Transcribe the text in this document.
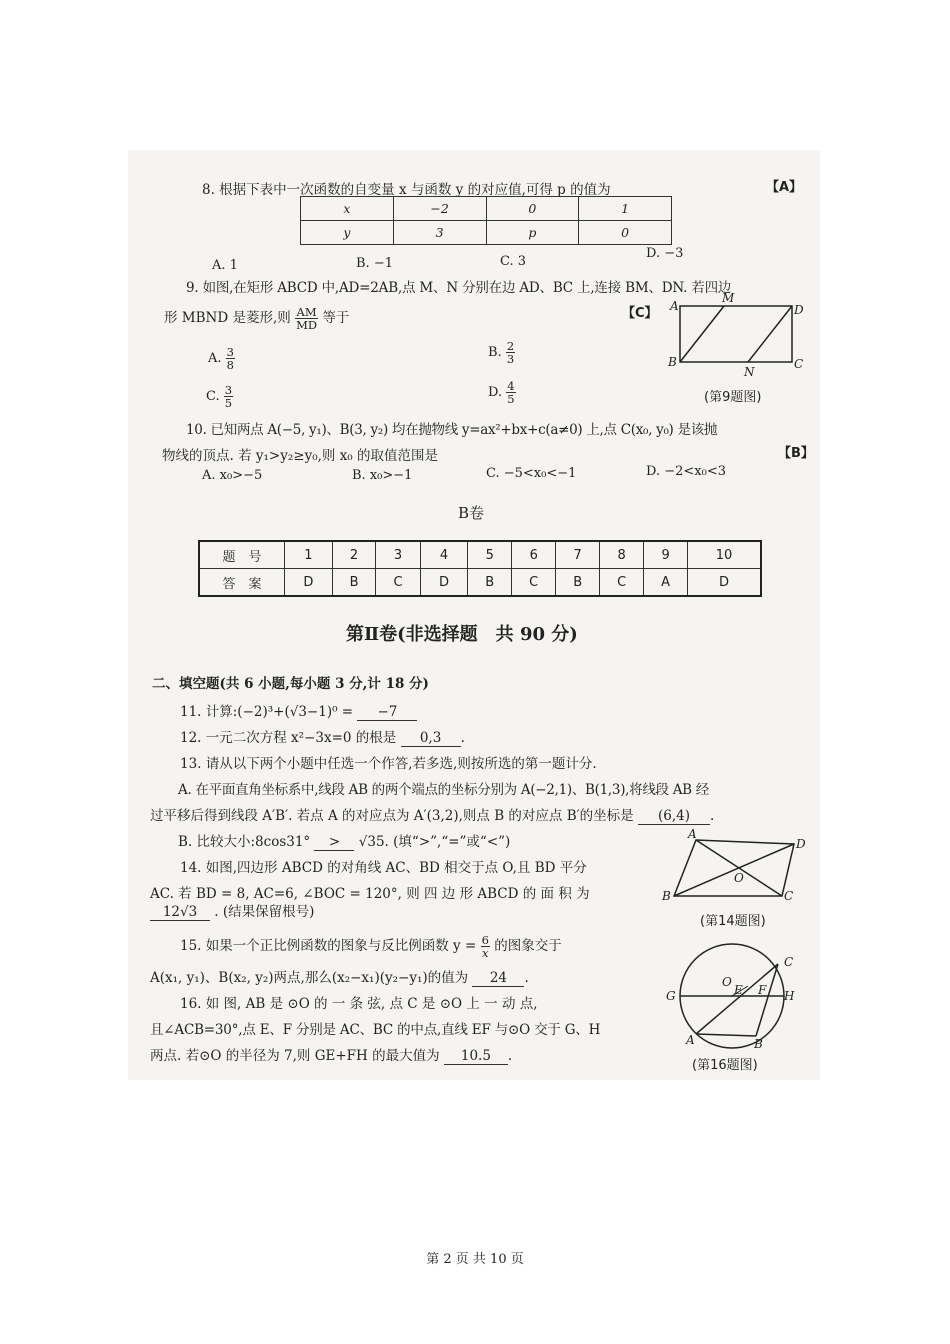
8. 根据下表中一次函数的自变量 x 与函数 y 的对应值,可得 p 的值为	【A】
x	−2	0	1
y	3	p	0
A. 1	B. −1	C. 3
D. −3
9. 如图,在矩形 ABCD 中,AD=2AB,点 M、N 分别在边 AD、BC 上,连接 BM、DN. 若四边
形 MBND 是菱形,则 $\frac{AM}{MD}$ 等于	【C】
A. $\frac{3}{8}$	B. $\frac{2}{3}$
C. $\frac{3}{5}$	D. $\frac{4}{5}$
A
M
D
B
N
C
(第9题图)
10. 已知两点 A(−5, y₁)、B(3, y₂) 均在抛物线 y=ax²+bx+c(a≠0) 上,点 C(x₀, y₀) 是该抛
物线的顶点. 若 y₁>y₂≥y₀,则 x₀ 的取值范围是	【B】
A. x₀>−5	B. x₀>−1	C. −5<x₀<−1	D. −2<x₀<3
B卷
题　号	1	2	3	4	5	6	7	8	9	10
答　案	D	B	C	D	B	C	B	C	A	D
第Ⅱ卷(非选择题　共 90 分)
二、填空题(共 6 小题,每小题 3 分,计 18 分)
11. 计算:(−2)³+(√3−1)⁰ = −7
12. 一元二次方程 x²−3x=0 的根是 0,3 .
13. 请从以下两个小题中任选一个作答,若多选,则按所选的第一题计分.
A. 在平面直角坐标系中,线段 AB 的两个端点的坐标分别为 A(−2,1)、B(1,3),将线段 AB 经
过平移后得到线段 A′B′. 若点 A 的对应点为 A′(3,2),则点 B 的对应点 B′的坐标是 (6,4) .
B. 比较大小:8cos31° > √35. (填“>”,“=”或“<”)
14. 如图,四边形 ABCD 的对角线 AC、BD 相交于点 O,且 BD 平分
AC. 若 BD = 8, AC=6, ∠BOC = 120°, 则 四 边 形 ABCD 的 面 积 为
12√3 . (结果保留根号)
A
D
O
B	C
(第14题图)
15. 如果一个正比例函数的图象与反比例函数 $y = \frac{6}{x}$ 的图象交于
A(x₁, y₁)、B(x₂, y₂)两点,那么(x₂−x₁)(y₂−y₁)的值为 24 .
16. 如 图, AB 是 ⊙O 的 一 条 弦, 点 C 是 ⊙O 上 一 动 点,
且∠ACB=30°,点 E、F 分别是 AC、BC 的中点,直线 EF 与⊙O 交于 G、H
两点. 若⊙O 的半径为 7,则 GE+FH 的最大值为 10.5 .
C
G
O
E F H
A	B
(第16题图)
第 2 页 共 10 页
